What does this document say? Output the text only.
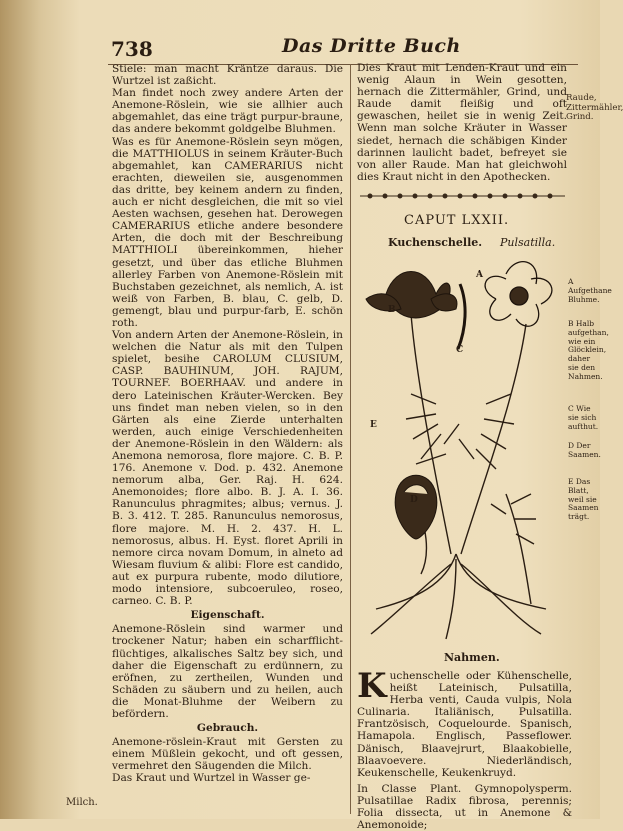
738	Das Dritte Buch

Stiele: man macht Kräntze daraus. Die Wurtzel ist zaßicht.

Man findet noch zwey andere Arten der Anemone-Röslein, wie sie allhier auch abgemahlet, das eine trägt purpur-braune, das andere bekommt goldgelbe Bluhmen.

Was es für Anemone-Röslein seyn mögen, die MATTHIOLUS in seinem Kräuter-Buch abgemahlet, kan CAMERARIUS nicht erachten, dieweilen sie, ausgenommen das dritte, bey keinem andern zu finden, auch er nicht desgleichen, die mit so viel Aesten wachsen, gesehen hat. Derowegen CAMERARIUS etliche andere besondere Arten, die doch mit der Beschreibung MATTHIOLI übereinkommen, hieher gesetzt, und über das etliche Bluhmen allerley Farben von Anemone-Röslein mit Buchstaben gezeichnet, als nemlich, A. ist weiß von Farben, B. blau, C. gelb, D. gemengt, blau und purpur-farb, E. schön roth.

Von andern Arten der Anemone-Röslein, in welchen die Natur als mit den Tulpen spielet, besihe CAROLUM CLUSIUM, CASP. BAUHINUM, JOH. RAJUM, TOURNEF. BOERHAAV. und andere in dero Lateinischen Kräuter-Wercken. Bey uns findet man neben vielen, so in den Gärten als eine Zierde unterhalten werden, auch einige Verschiedenheiten der Anemone-Röslein in den Wäldern: als Anemona nemorosa, flore majore. C. B. P. 176. Anemone v. Dod. p. 432. Anemone nemorum alba, Ger. Raj. H. 624. Anemonoides; flore albo. B. J. A. I. 36. Ranunculus phragmites; albus; vernus. J. B. 3. 412. T. 285. Ranunculus nemorosus, flore majore. M. H. 2. 437. H. L. nemorosus, albus. H. Eyst. floret Aprili in nemore circa novam Domum, in alneto ad Wiesam fluvium & alibi: Flore est candido, aut ex purpura rubente, modo dilutiore, modo intensiore, subcoeruleo, roseo, carneo. C. B. P.

Eigenschaft.

Anemone-Röslein sind warmer und trockener Natur; haben ein scharfflicht-flüchtiges, alkalisches Saltz bey sich, und daher die Eigenschaft zu erdünnern, zu eröfnen, zu zertheilen, Wunden und Schäden zu säubern und zu heilen, auch die Monat-Bluhme der Weibern zu befördern.

Gebrauch.

Anemone-röslein-Kraut mit Gersten zu einem Müßlein gekocht, und oft gessen, vermehret den Säugenden die Milch.

Das Kraut und Wurtzel in Wasser ge-

Milch.
Raude, Zittermähler, Grind.

Dies Kraut mit Lenden-Kraut und ein wenig Alaun in Wein gesotten, hernach die Zittermähler, Grind, und Raude damit fleißig und oft gewaschen, heilet sie in wenig Zeit. Wenn man solche Kräuter in Wasser siedet, hernach die schäbigen Kinder darinnen laulicht badet, befreyet sie von aller Raude. Man hat gleichwohl dies Kraut nicht in den Apothecken.

CAPUT LXXII.
Kuchenschelle. Pulsatilla.
A
B
C
D
E
A Aufgethane Bluhme.
B Halb aufgethan, wie ein Glöcklein, daher sie den Nahmen.
C Wie sie sich aufthut.
D Der Saamen.
E Das Blatt, weil sie Saamen trägt.
Nahmen.

Kuchenschelle oder Kühenschelle, heißt Lateinisch, Pulsatilla, Herba venti, Cauda vulpis, Nola Culinaria. Italiänisch, Pulsatilla. Frantzösisch, Coquelourde. Spanisch, Hamapola. Englisch, Passeflower. Dänisch, Blaavejrurt, Blaakobielle, Blaavoevere. Niederländisch, Keukenschelle, Keukenkruyd.

In Classe Plant. Gymnopolysperm. Pulsatillae Radix fibrosa, perennis; Folia dissecta, ut in Anemone & Anemonoide;
